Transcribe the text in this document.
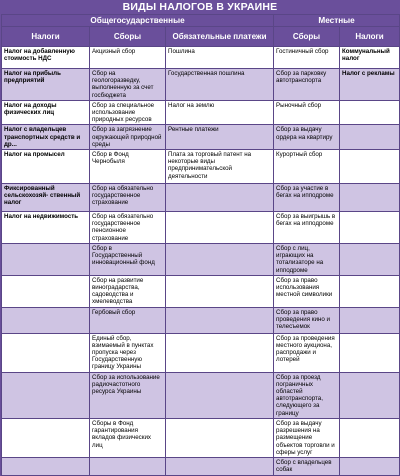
ВИДЫ НАЛОГОВ В УКРАИНЕ
Общегосударственные			Местные	
Налоги	Сборы	Обязательные платежи	Сборы	Налоги
Налог на добавленную стоимость НДС	Акцизный сбор	Пошлина	Гостиничный сбор	Коммунальный налог
Налог на прибыль предприятий	Сбор на геологоразведку, выполненную за счет госбюджета	Государственная пошлина	Сбор за парковку автотранспорта	Налог с рекламы
Налог на доходы физических лиц	Сбор за специальное использование природных ресурсов	Налог на землю	Рыночный сбор	
Налог с владельцев транспортных средств и др...	Сбор за загрязнение окружающей природной среды	Рентные платежи	Сбор за выдачу ордера на квартиру	
Налог на промысел	Сбор в Фонд Чернобыля	Плата за торговый патент на некоторые виды предпринимательской деятельности	Курортный сбор	
Фиксированный сельскохозяй- ственный налог	Сбор на обязательно государственное страхование		Сбор за участие в бегах на ипподроме	
Налог на недвижимость	Сбор на обязательно государственное пенсионное страхование		Сбор за выигрышь в бегах на ипподроме	
	Сбор в Государственный инновационный фонд		Сбор с лиц, играющих на тотализаторе на ипподроме	
	Сбор на развитие виноградарства, садоводства и хмелеводства		Сбор за право использования местной символики	
	Гербовый сбор		Сбор за право проведения кино и телесъемок	
	Единый сбор, взимаемый в пунктах пропуска через Государственную границу Украины		Сбор за проведения местного аукциона, распродажи и лотерей	
	Сбор за использование радиочастотного ресурса Украины		Сбор за проезд пограничных областей автотранспорта, следующего за границу	
	Сборы в Фонд гарантирования вкладов физических лиц		Сбор за выдачу разрешения на размещение объектов торговли и сферы услуг	
			Сбор с владельцев собак	
